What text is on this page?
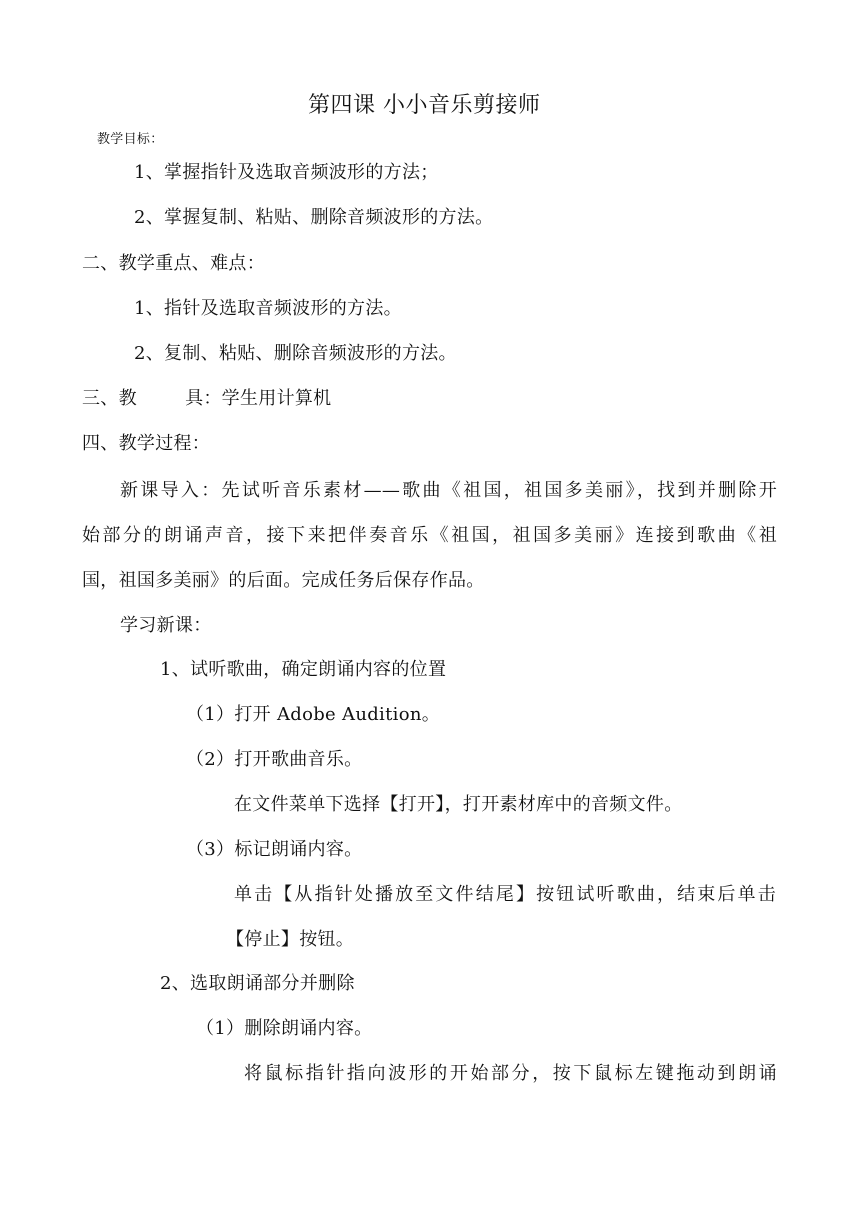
第四课 小小音乐剪接师
教学目标：
1、掌握指针及选取音频波形的方法；
2、掌握复制、粘贴、删除音频波形的方法。
二、教学重点、难点：
1、指针及选取音频波形的方法。
2、复制、粘贴、删除音频波形的方法。
三、教        具：学生用计算机
四、教学过程：
新课导入：先试听音乐素材——歌曲《祖国，祖国多美丽》，找到并删除开
始部分的朗诵声音，接下来把伴奏音乐《祖国，祖国多美丽》连接到歌曲《祖
国，祖国多美丽》的后面。完成任务后保存作品。
学习新课：
1、试听歌曲，确定朗诵内容的位置
（1）打开 Adobe Audition。
（2）打开歌曲音乐。
在文件菜单下选择【打开】，打开素材库中的音频文件。
（3）标记朗诵内容。
单击【从指针处播放至文件结尾】按钮试听歌曲，结束后单击
【停止】按钮。
2、选取朗诵部分并删除
（1）删除朗诵内容。
将鼠标指针指向波形的开始部分，按下鼠标左键拖动到朗诵
